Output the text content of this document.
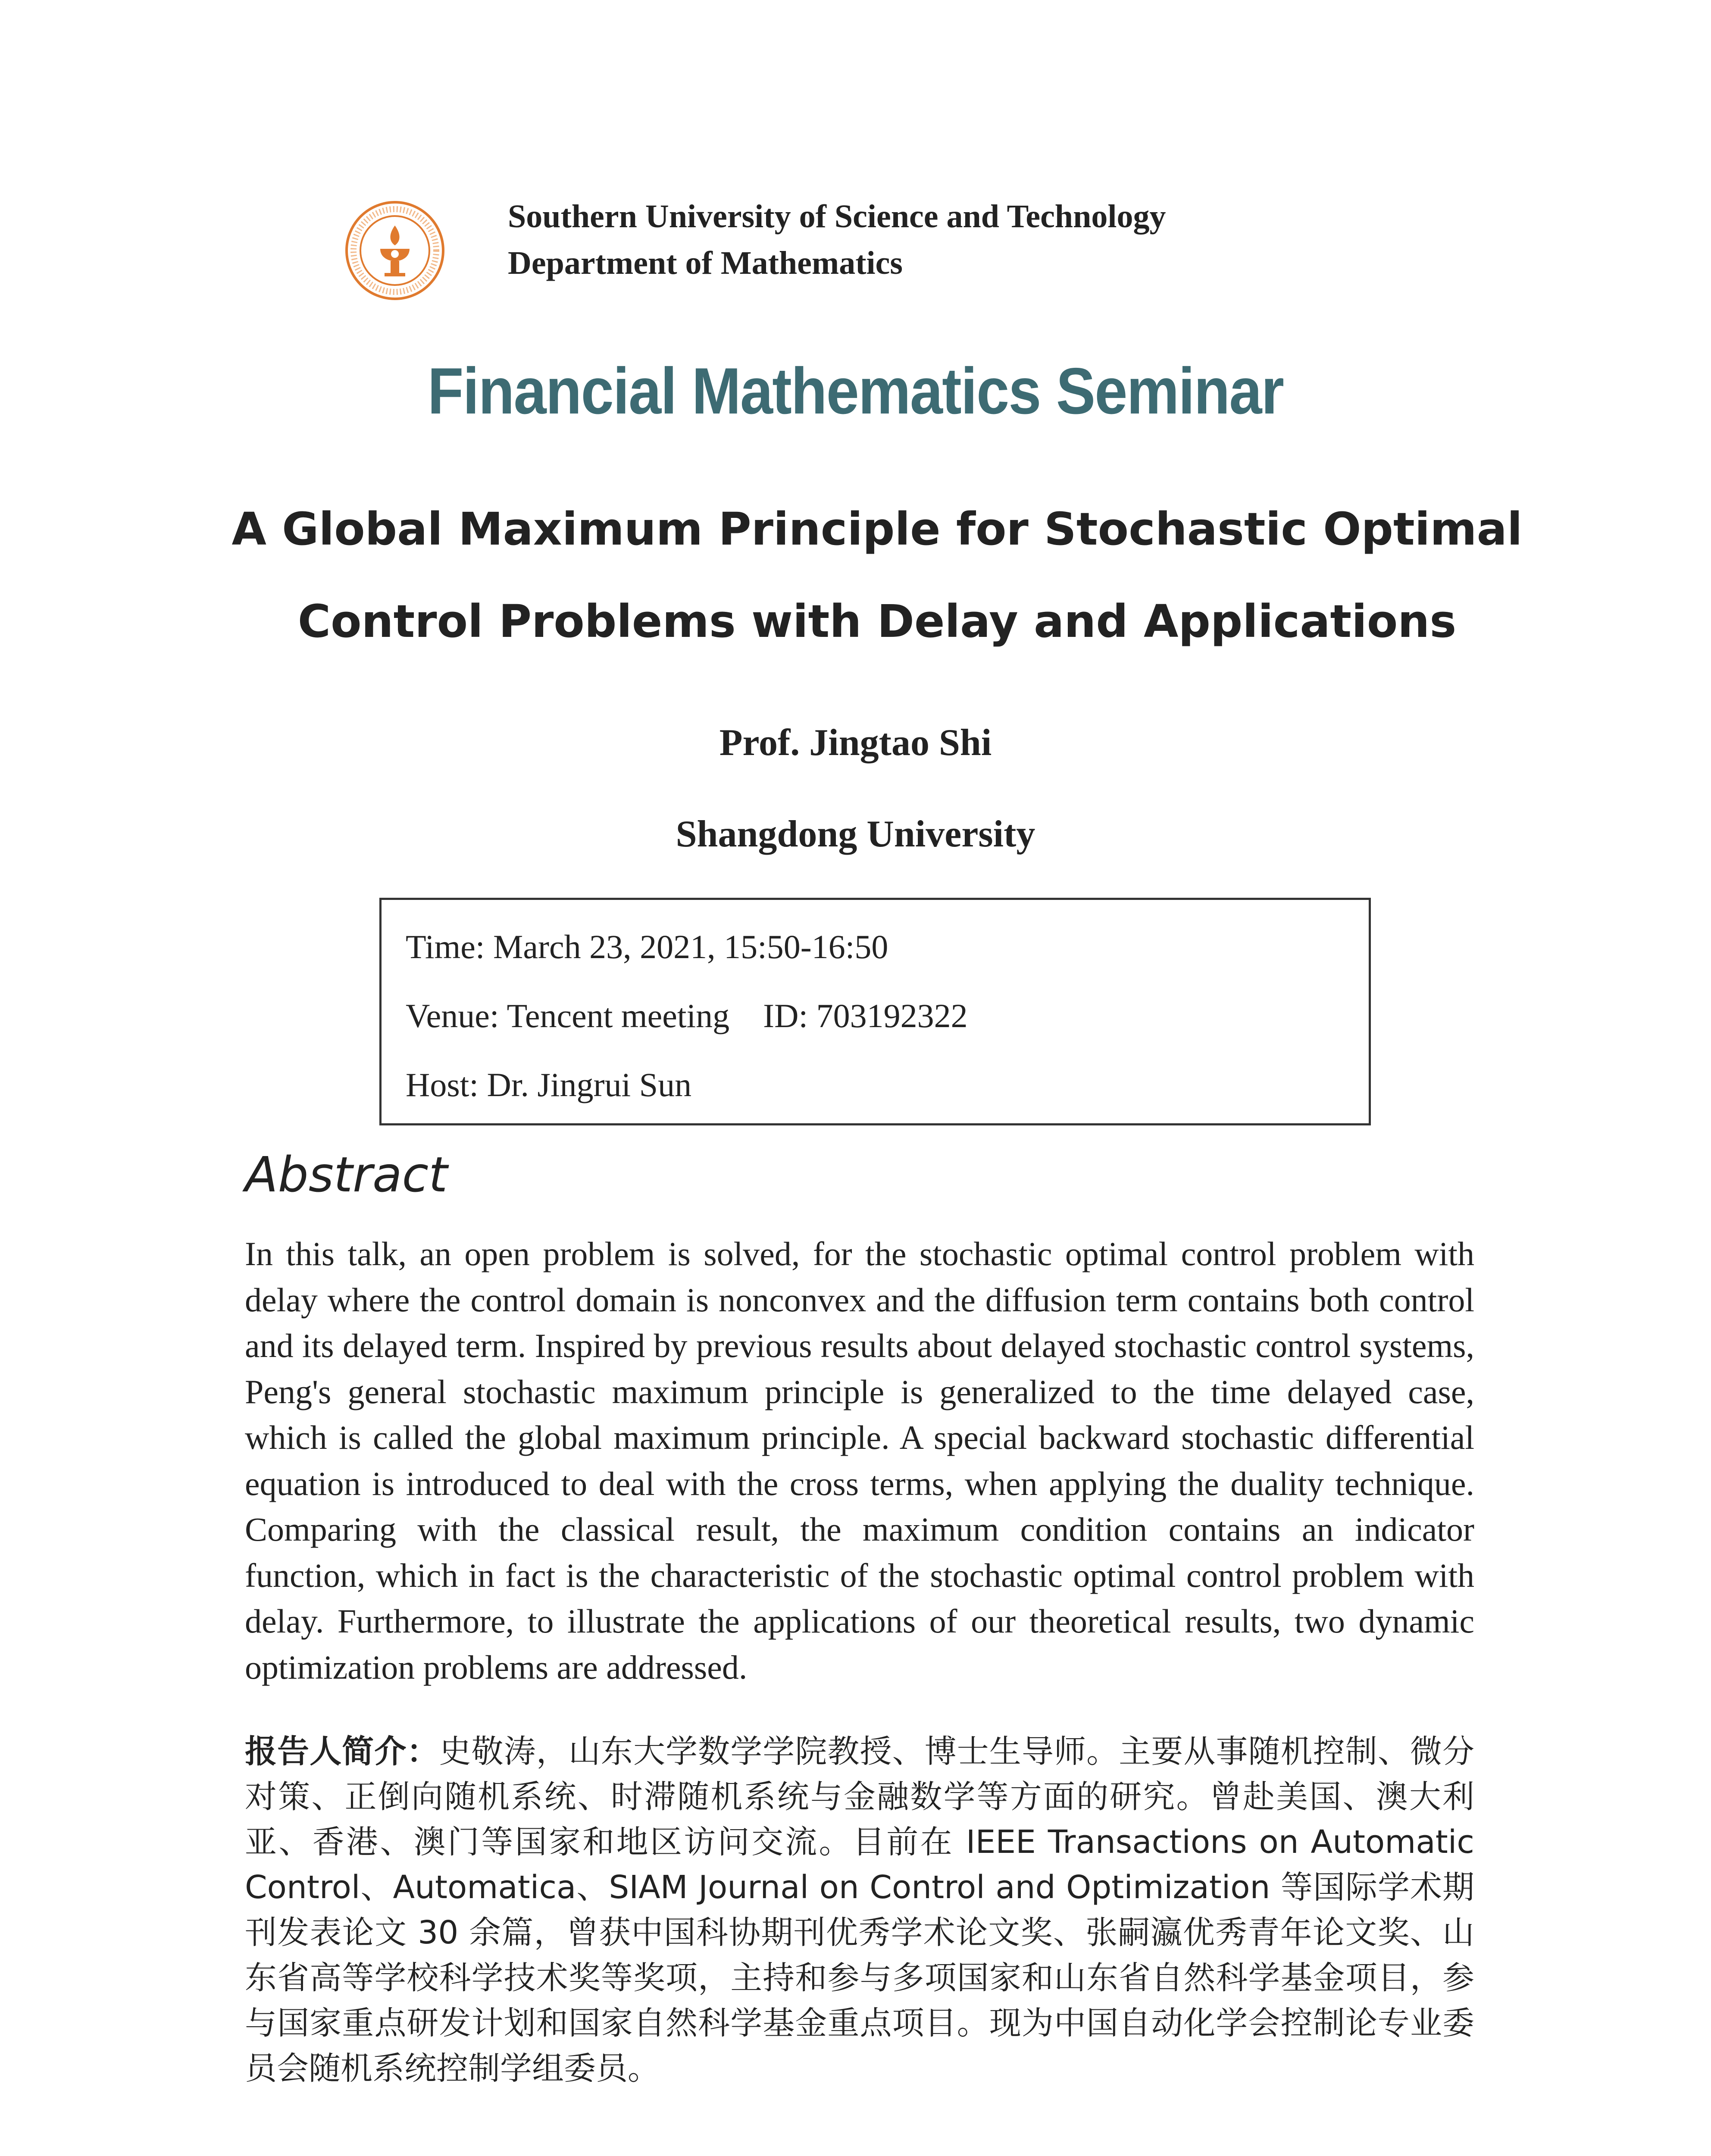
Southern University of Science and Technology
Department of Mathematics
Financial Mathematics Seminar
A Global Maximum Principle for Stochastic Optimal
Control Problems with Delay and Applications
Prof. Jingtao Shi
Shangdong University
Time: March 23, 2021, 15:50-16:50
Venue: Tencent meeting    ID: 703192322
Host: Dr. Jingrui Sun
Abstract
In this talk, an open problem is solved, for the stochastic optimal control problem with delay where the control domain is nonconvex and the diffusion term contains both control and its delayed term. Inspired by previous results about delayed stochastic control systems, Peng's general stochastic maximum principle is generalized to the time delayed case, which is called the global maximum principle. A special backward stochastic differential equation is introduced to deal with the cross terms, when applying the duality technique. Comparing with the classical result, the maximum condition contains an indicator function, which in fact is the characteristic of the stochastic optimal control problem with delay. Furthermore, to illustrate the applications of our theoretical results, two dynamic optimization problems are addressed.
报告人简介：史敬涛，山东大学数学学院教授、博士生导师。主要从事随机控制、微分对策、正倒向随机系统、时滞随机系统与金融数学等方面的研究。曾赴美国、澳大利亚、香港、澳门等国家和地区访问交流。目前在 IEEE Transactions on Automatic Control、Automatica、SIAM Journal on Control and Optimization 等国际学术期刊发表论文 30 余篇，曾获中国科协期刊优秀学术论文奖、张嗣瀛优秀青年论文奖、山东省高等学校科学技术奖等奖项，主持和参与多项国家和山东省自然科学基金项目，参与国家重点研发计划和国家自然科学基金重点项目。现为中国自动化学会控制论专业委员会随机系统控制学组委员。
